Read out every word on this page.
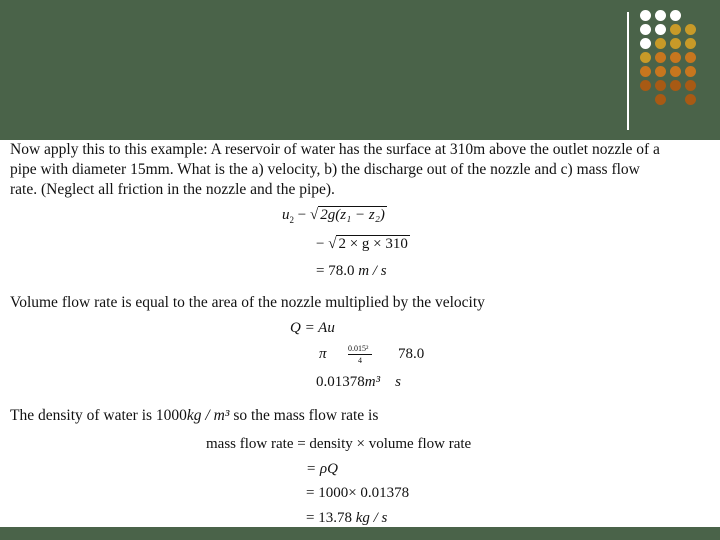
Now apply this to this example: A reservoir of water has the surface at 310m above the outlet nozzle of a
pipe with diameter 15mm. What is the a) velocity, b) the discharge out of the nozzle and c) mass flow
rate. (Neglect all friction in the nozzle and the pipe).
$u_2$ − √ 2g(z₁ − z₂)
− √ 2 × g × 310
= 78.0 m / s
Volume flow rate is equal to the area of the nozzle multiplied by the velocity
Q = Au
π	0.015²
4 78.0
0.01378m³ s
The density of water is 1000kg / m³ so the mass flow rate is
mass flow rate = density × volume flow rate
= ρQ
= 1000× 0.01378
= 13.78 kg / s
